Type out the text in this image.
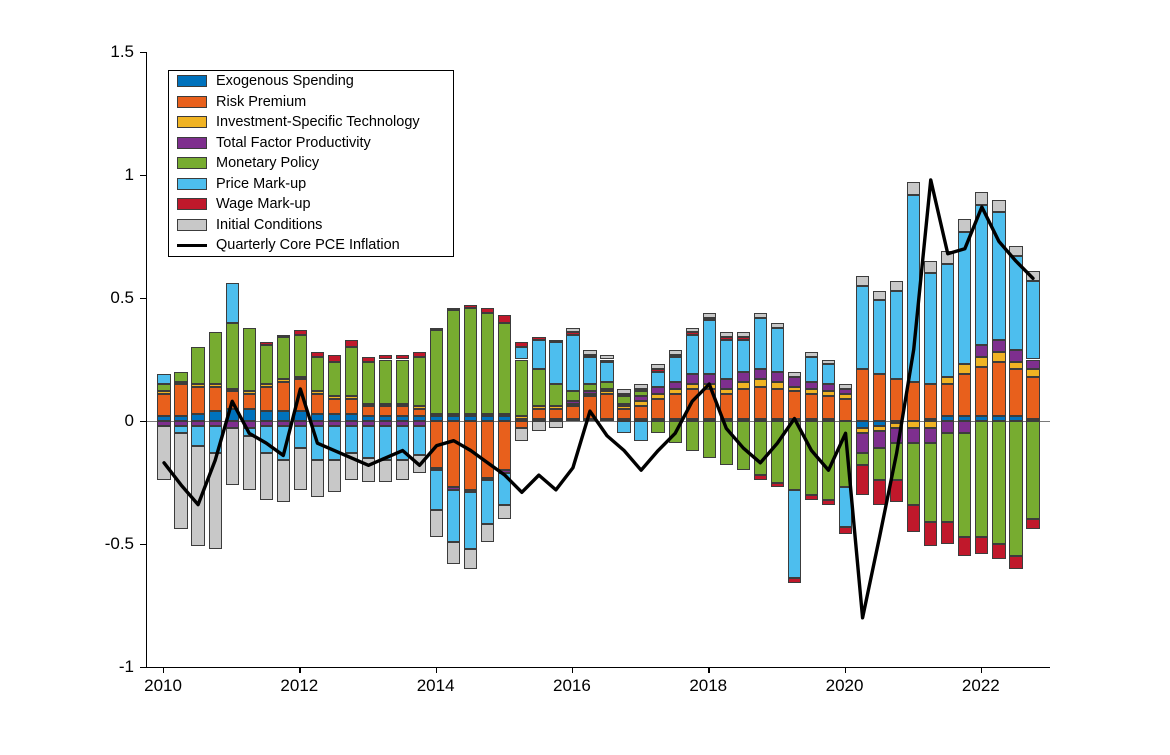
1.5
1
0.5
0
-0.5
-1
2010	2012	2014	2016	2018	2020	2022
Exogenous Spending
Risk Premium
Investment-Specific Technology
Total Factor Productivity
Monetary Policy
Price Mark-up
Wage Mark-up
Initial Conditions
Quarterly Core PCE Inflation
